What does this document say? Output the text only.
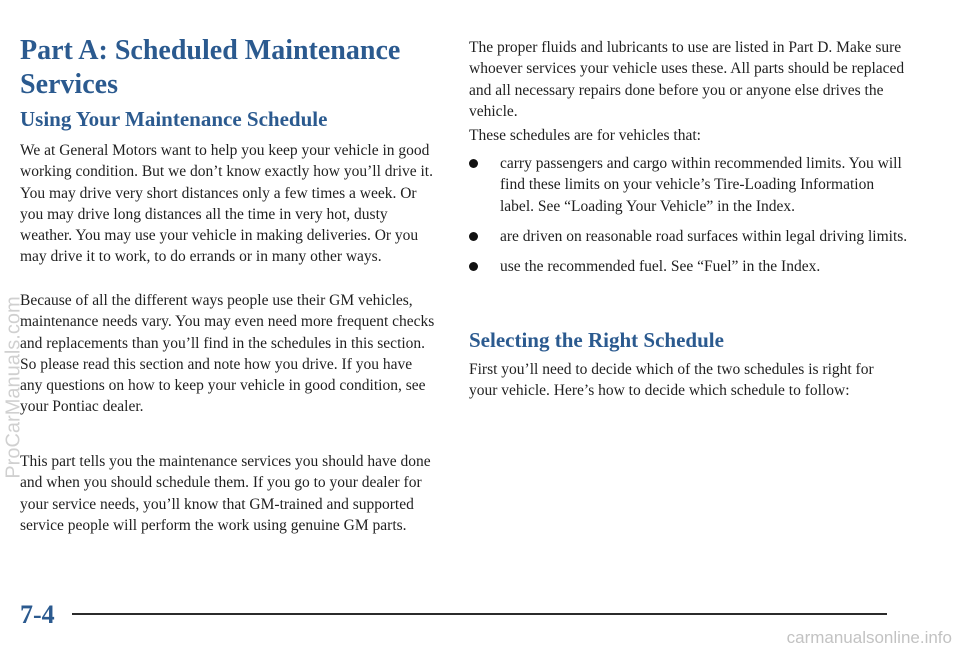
Part A: Scheduled Maintenance Services
Using Your Maintenance Schedule

We at General Motors want to help you keep your vehicle in good working condition. But we don’t know exactly how you’ll drive it. You may drive very short distances only a few times a week. Or you may drive long distances all the time in very hot, dusty weather. You may use your vehicle in making deliveries. Or you may drive it to work, to do errands or in many other ways.

Because of all the different ways people use their GM vehicles, maintenance needs vary. You may even need more frequent checks and replacements than you’ll find in the schedules in this section. So please read this section and note how you drive. If you have any questions on how to keep your vehicle in good condition, see your Pontiac dealer.

This part tells you the maintenance services you should have done and when you should schedule them. If you go to your dealer for your service needs, you’ll know that GM-trained and supported service people will perform the work using genuine GM parts.

The proper fluids and lubricants to use are listed in Part D. Make sure whoever services your vehicle uses these. All parts should be replaced and all necessary repairs done before you or anyone else drives the vehicle.

These schedules are for vehicles that:

carry passengers and cargo within recommended limits. You will find these limits on your vehicle’s Tire-Loading Information label. See “Loading Your Vehicle” in the Index.
are driven on reasonable road surfaces within legal driving limits.
use the recommended fuel. See “Fuel” in the Index.
Selecting the Right Schedule

First you’ll need to decide which of the two schedules is right for your vehicle. Here’s how to decide which schedule to follow:

7-4
ProCarManuals.com
carmanualsonline.info
